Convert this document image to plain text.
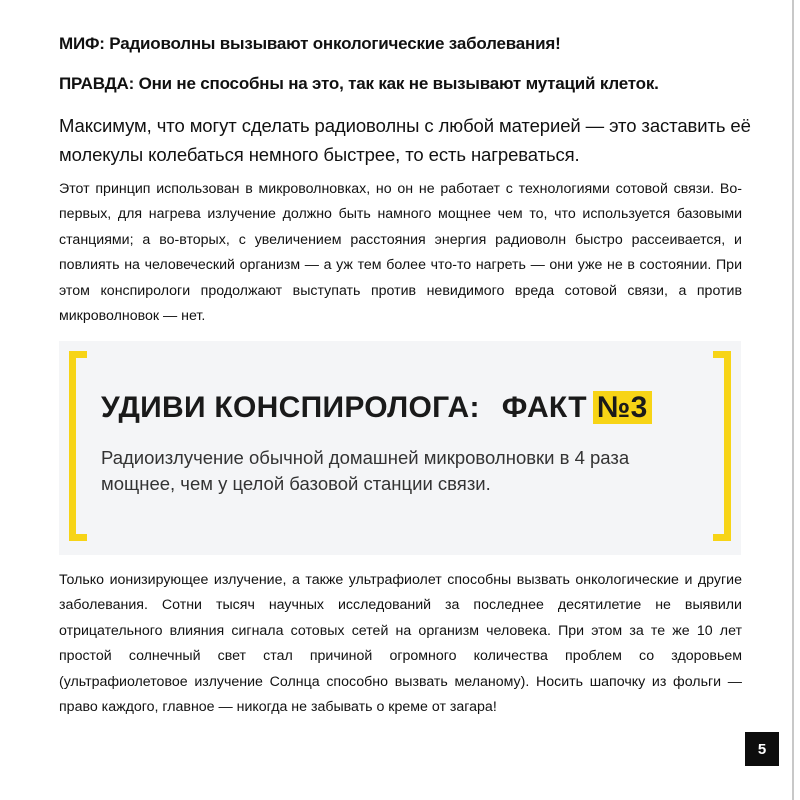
МИФ: Радиоволны вызывают онкологические заболевания!
ПРАВДА: Они не способны на это, так как не вызывают мутаций клеток.
Максимум, что могут сделать радиоволны с любой материей — это заставить её молекулы колебаться немного быстрее, то есть нагреваться.
Этот принцип использован в микроволновках, но он не работает с технологиями сотовой связи. Во-первых, для нагрева излучение должно быть намного мощнее чем то, что используется базовыми станциями; а во-вторых, с увеличением расстояния энергия радиоволн быстро рассеивается, и повлиять на человеческий организм — а уж тем более что-то нагреть — они уже не в состоянии. При этом конспирологи продолжают выступать против невидимого вреда сотовой связи, а против микроволновок — нет.
УДИВИ КОНСПИРОЛОГА: ФАКТ №3
Радиоизлучение обычной домашней микроволновки в 4 раза мощнее, чем у целой базовой станции связи.
Только ионизирующее излучение, а также ультрафиолет способны вызвать онкологические и другие заболевания. Сотни тысяч научных исследований за последнее десятилетие не выявили отрицательного влияния сигнала сотовых сетей на организм человека. При этом за те же 10 лет простой солнечный свет стал причиной огромного количества проблем со здоровьем (ультрафиолетовое излучение Солнца способно вызвать меланому). Носить шапочку из фольги — право каждого, главное — никогда не забывать о креме от загара!
5
